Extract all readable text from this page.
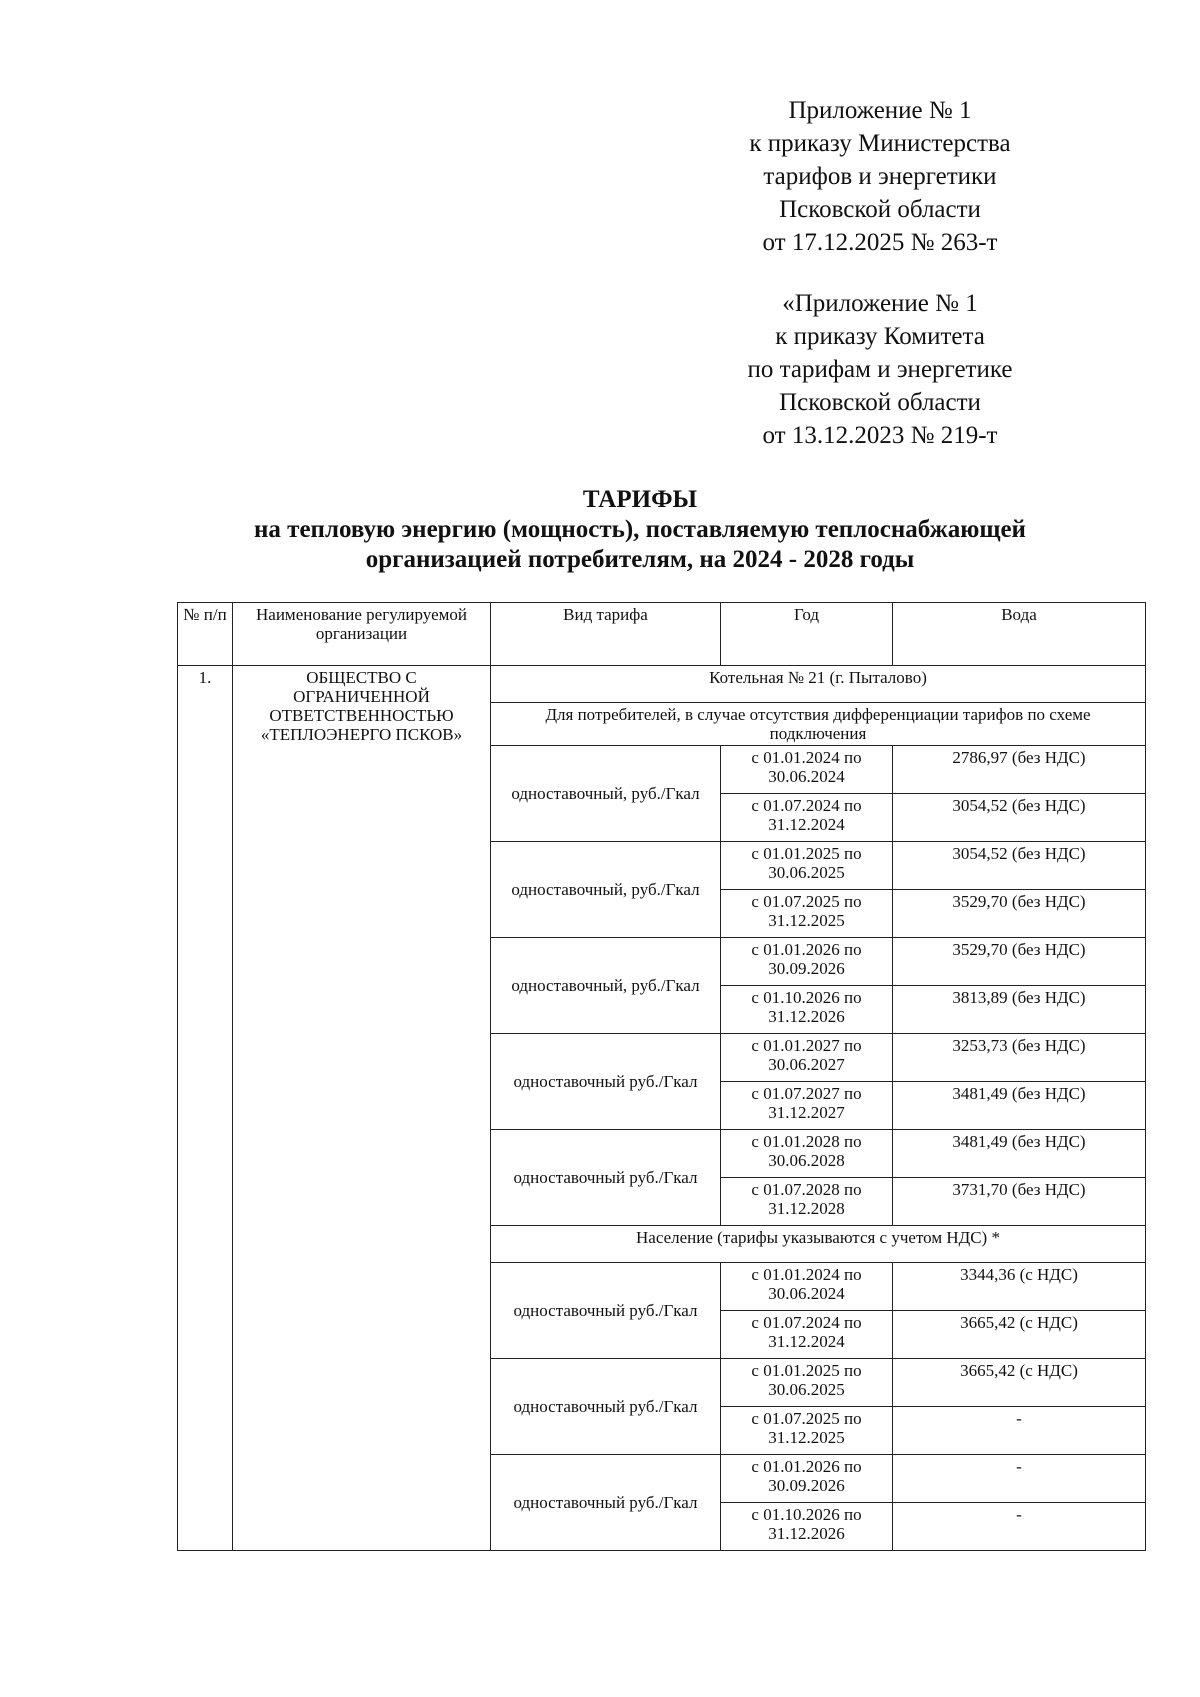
Приложение № 1
к приказу Министерства
тарифов и энергетики
Псковской области
от 17.12.2025 № 263-т
«Приложение № 1
к приказу Комитета
по тарифам и энергетике
Псковской области
от 13.12.2023 № 219-т
ТАРИФЫ
на тепловую энергию (мощность), поставляемую теплоснабжающей
организацией потребителям, на 2024 - 2028 годы
№ п/п	Наименование регулируемой организации	Вид тарифа	Год	Вода
1.	ОБЩЕСТВО С ОГРАНИЧЕННОЙ ОТВЕТСТВЕННОСТЬЮ «ТЕПЛОЭНЕРГО ПСКОВ»	Котельная № 21 (г. Пыталово)		
		Для потребителей, в случае отсутствия дифференциации тарифов по схеме подключения		
		одноставочный, руб./Гкал	с 01.01.2024 по 30.06.2024	2786,97 (без НДС)
			с 01.07.2024 по 31.12.2024	3054,52 (без НДС)
		одноставочный, руб./Гкал	с 01.01.2025 по 30.06.2025	3054,52 (без НДС)
			с 01.07.2025 по 31.12.2025	3529,70 (без НДС)
		одноставочный, руб./Гкал	с 01.01.2026 по 30.09.2026	3529,70 (без НДС)
			с 01.10.2026 по 31.12.2026	3813,89 (без НДС)
		одноставочный руб./Гкал	с 01.01.2027 по 30.06.2027	3253,73 (без НДС)
			с 01.07.2027 по 31.12.2027	3481,49 (без НДС)
		одноставочный руб./Гкал	с 01.01.2028 по 30.06.2028	3481,49 (без НДС)
			с 01.07.2028 по 31.12.2028	3731,70 (без НДС)
		Население (тарифы указываются с учетом НДС) *		
		одноставочный руб./Гкал	с 01.01.2024 по 30.06.2024	3344,36 (с НДС)
			с 01.07.2024 по 31.12.2024	3665,42 (с НДС)
		одноставочный руб./Гкал	с 01.01.2025 по 30.06.2025	3665,42 (с НДС)
			с 01.07.2025 по 31.12.2025	-
		одноставочный руб./Гкал	с 01.01.2026 по 30.09.2026	-
			с 01.10.2026 по 31.12.2026	-
